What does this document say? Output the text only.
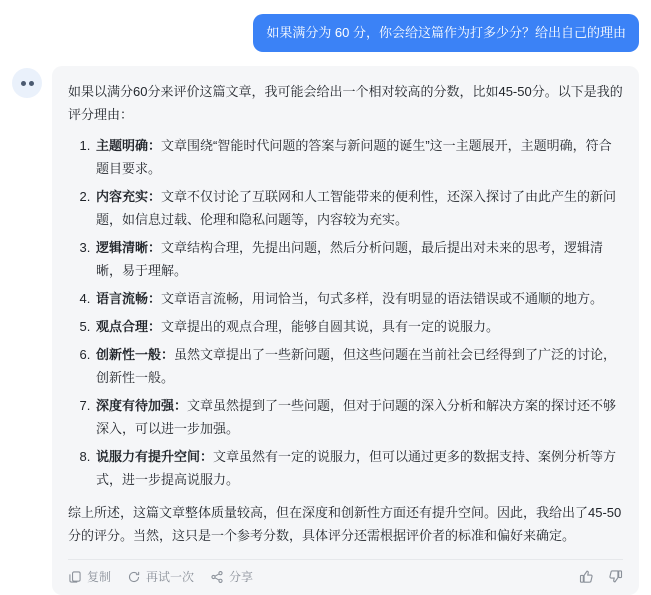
如果满分为 60 分，你会给这篇作为打多少分？给出自己的理由

如果以满分60分来评价这篇文章，我可能会给出一个相对较高的分数，比如45-50分。以下是我的评分理由：

1. 主题明确：文章围绕“智能时代问题的答案与新问题的诞生”这一主题展开，主题明确，符合题目要求。
2. 内容充实：文章不仅讨论了互联网和人工智能带来的便利性，还深入探讨了由此产生的新问题，如信息过载、伦理和隐私问题等，内容较为充实。
3. 逻辑清晰：文章结构合理，先提出问题，然后分析问题，最后提出对未来的思考，逻辑清晰，易于理解。
4. 语言流畅：文章语言流畅，用词恰当，句式多样，没有明显的语法错误或不通顺的地方。
5. 观点合理：文章提出的观点合理，能够自圆其说，具有一定的说服力。
6. 创新性一般：虽然文章提出了一些新问题，但这些问题在当前社会已经得到了广泛的讨论，创新性一般。
7. 深度有待加强：文章虽然提到了一些问题，但对于问题的深入分析和解决方案的探讨还不够深入，可以进一步加强。
8. 说服力有提升空间：文章虽然有一定的说服力，但可以通过更多的数据支持、案例分析等方式，进一步提高说服力。

综上所述，这篇文章整体质量较高，但在深度和创新性方面还有提升空间。因此，我给出了45-50分的评分。当然，这只是一个参考分数，具体评分还需根据评价者的标准和偏好来确定。

复制	再试一次	分享
